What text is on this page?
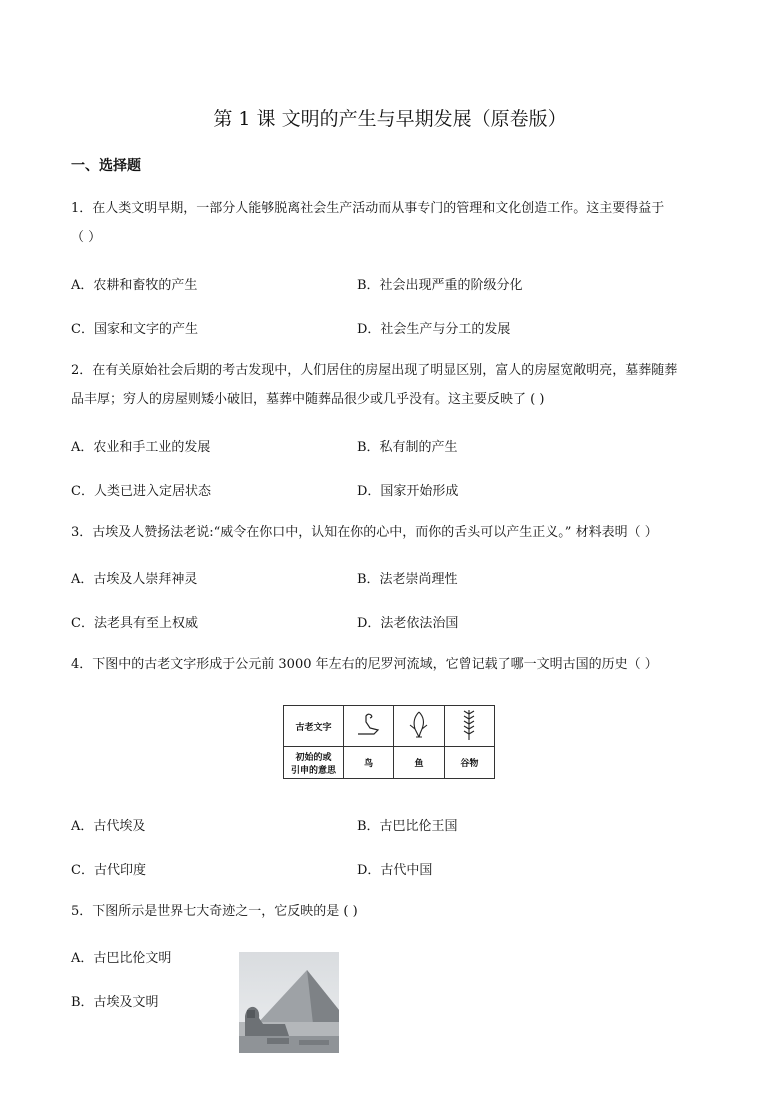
第 1 课 文明的产生与早期发展（原卷版）
一、选择题
1．在人类文明早期，一部分人能够脱离社会生产活动而从事专门的管理和文化创造工作。这主要得益于
（ ）
A．农耕和畜牧的产生	B．社会出现严重的阶级分化
C．国家和文字的产生	D．社会生产与分工的发展
2．在有关原始社会后期的考古发现中，人们居住的房屋出现了明显区别，富人的房屋宽敞明亮，墓葬随葬
品丰厚；穷人的房屋则矮小破旧，墓葬中随葬品很少或几乎没有。这主要反映了 ( )
A．农业和手工业的发展	B．私有制的产生
C．人类已进入定居状态	D．国家开始形成
3．古埃及人赞扬法老说:“威令在你口中，认知在你的心中，而你的舌头可以产生正义。” 材料表明（ ）
A．古埃及人崇拜神灵	B．法老崇尚理性
C．法老具有至上权威	D．法老依法治国
4．下图中的古老文字形成于公元前 3000 年左右的尼罗河流域，它曾记载了哪一文明古国的历史（ ）
古老文字			

初始的或
引申的意思	鸟	鱼	谷物
A．古代埃及	B．古巴比伦王国
C．古代印度	D．古代中国
5．下图所示是世界七大奇迹之一，它反映的是 ( )
A．古巴比伦文明
B．古埃及文明
